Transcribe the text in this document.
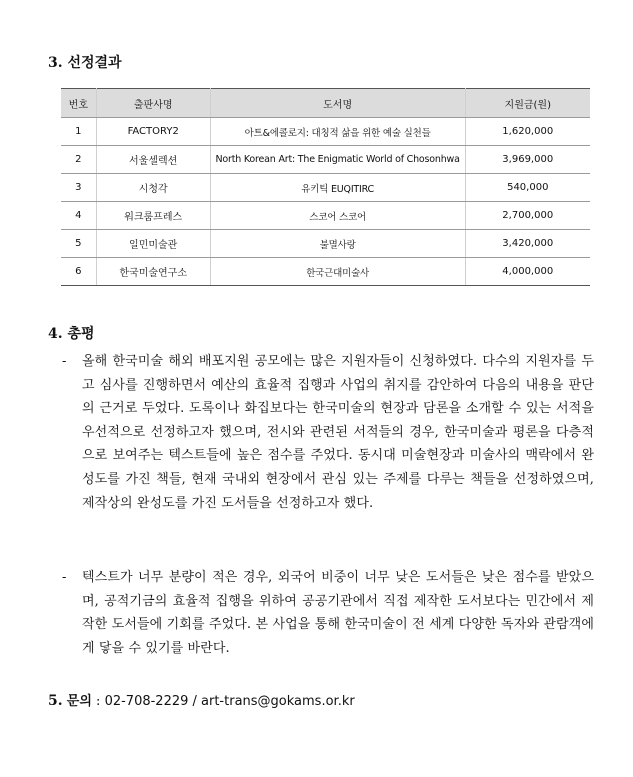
3. 선정결과
번호	출판사명	도서명	지원금(원)
1	FACTORY2	아트&에콜로지: 대칭적 삶을 위한 예술 실천들	1,620,000
2	서울셀렉션	North Korean Art: The Enigmatic World of Chosonhwa	3,969,000
3	시청각	유키틱 EUQITIRC	540,000
4	워크룸프레스	스코어 스코어	2,700,000
5	일민미술관	불멸사랑	3,420,000
6	한국미술연구소	한국근대미술사	4,000,000
4. 총평
-	올해 한국미술 해외 배포지원 공모에는 많은 지원자들이 신청하였다. 다수의 지원자를 두고 심사를 진행하면서 예산의 효율적 집행과 사업의 취지를 감안하여 다음의 내용을 판단의 근거로 두었다. 도록이나 화집보다는 한국미술의 현장과 담론을 소개할 수 있는 서적을 우선적으로 선정하고자 했으며, 전시와 관련된 서적들의 경우, 한국미술과 평론을 다층적으로 보여주는 텍스트들에 높은 점수를 주었다. 동시대 미술현장과 미술사의 맥락에서 완성도를 가진 책들, 현재 국내외 현장에서 관심 있는 주제를 다루는 책들을 선정하였으며, 제작상의 완성도를 가진 도서들을 선정하고자 했다.
-	텍스트가 너무 분량이 적은 경우, 외국어 비중이 너무 낮은 도서들은 낮은 점수를 받았으며, 공적기금의 효율적 집행을 위하여 공공기관에서 직접 제작한 도서보다는 민간에서 제작한 도서들에 기회를 주었다. 본 사업을 통해 한국미술이 전 세계 다양한 독자와 관람객에게 닿을 수 있기를 바란다.
5. 문의 : 02-708-2229 / art-trans@gokams.or.kr
